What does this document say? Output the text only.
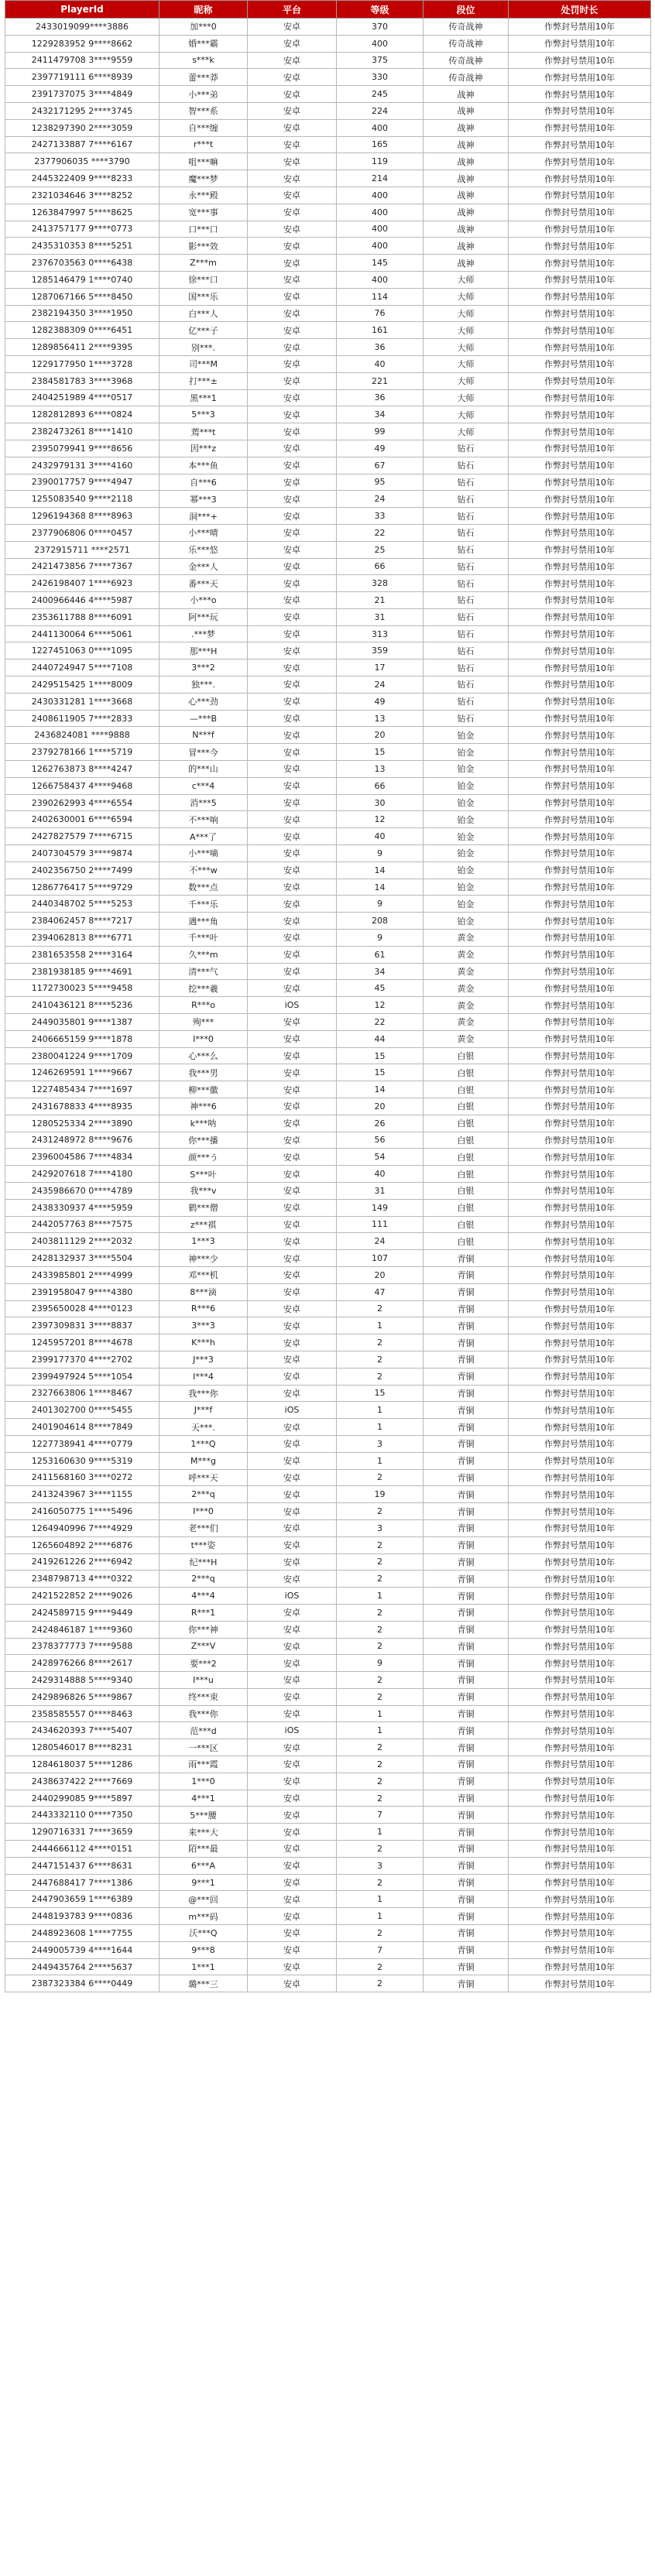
PlayerId	昵称	平台	等级	段位	处罚时长
2433019099****3886	加***0	安卓	370	传奇战神	作弊封号禁用10年
1229283952 9****8662	婚***霸	安卓	400	传奇战神	作弊封号禁用10年
2411479708 3****9559	s***k	安卓	375	传奇战神	作弊封号禁用10年
2397719111 6****8939	蕾***莽	安卓	330	传奇战神	作弊封号禁用10年
2391737075 3****4849	小***弟	安卓	245	战神	作弊封号禁用10年
2432171295 2****3745	智***系	安卓	224	战神	作弊封号禁用10年
1238297390 2****3059	自***缠	安卓	400	战神	作弊封号禁用10年
2427133887 7****6167	r***t	安卓	165	战神	作弊封号禁用10年
2377906035 ****3790	咀***嘛	安卓	119	战神	作弊封号禁用10年
2445322409 9****8233	魔***梦	安卓	214	战神	作弊封号禁用10年
2321034646 3****8252	永***殿	安卓	400	战神	作弊封号禁用10年
1263847997 5****8625	宽***事	安卓	400	战神	作弊封号禁用10年
2413757177 9****0773	口***口	安卓	400	战神	作弊封号禁用10年
2435310353 8****5251	影***效	安卓	400	战神	作弊封号禁用10年
2376703563 0****6438	Z***m	安卓	145	战神	作弊封号禁用10年
1285146479 1****0740	徐***口	安卓	400	大师	作弊封号禁用10年
1287067166 5****8450	国***乐	安卓	114	大师	作弊封号禁用10年
2382194350 3****1950	白***人	安卓	76	大师	作弊封号禁用10年
1282388309 0****6451	亿***子	安卓	161	大师	作弊封号禁用10年
1289856411 2****9395	别***.	安卓	36	大师	作弊封号禁用10年
1229177950 1****3728	司***M	安卓	40	大师	作弊封号禁用10年
2384581783 3****3968	打***±	安卓	221	大师	作弊封号禁用10年
2404251989 4****0517	黑***1	安卓	36	大师	作弊封号禁用10年
1282812893 6****0824	5***3	安卓	34	大师	作弊封号禁用10年
2382473261 8****1410	蔫***t	安卓	99	大师	作弊封号禁用10年
2395079941 9****8656	因***z	安卓	49	钻石	作弊封号禁用10年
2432979131 3****4160	本***鱼	安卓	67	钻石	作弊封号禁用10年
2390017757 9****4947	自***6	安卓	95	钻石	作弊封号禁用10年
1255083540 9****2118	幂***3	安卓	24	钻石	作弊封号禁用10年
1296194368 8****8963	洞***+	安卓	33	钻石	作弊封号禁用10年
2377906806 0****0457	小***晴	安卓	22	钻石	作弊封号禁用10年
2372915711 ****2571	乐***悠	安卓	25	钻石	作弊封号禁用10年
2421473856 7****7367	金***人	安卓	66	钻石	作弊封号禁用10年
2426198407 1****6923	番***天	安卓	328	钻石	作弊封号禁用10年
2400966446 4****5987	小***o	安卓	21	钻石	作弊封号禁用10年
2353611788 8****6091	阿***玩	安卓	31	钻石	作弊封号禁用10年
2441130064 6****5061	.***梦	安卓	313	钻石	作弊封号禁用10年
1227451063 0****1095	那***H	安卓	359	钻石	作弊封号禁用10年
2440724947 5****7108	3***2	安卓	17	钻石	作弊封号禁用10年
2429515425 1****8009	独***.	安卓	24	钻石	作弊封号禁用10年
2430331281 1****3668	心***劲	安卓	49	钻石	作弊封号禁用10年
2408611905 7****2833	—***B	安卓	13	钻石	作弊封号禁用10年
2436824081 ****9888	N***f	安卓	20	铂金	作弊封号禁用10年
2379278166 1****5719	冒***今	安卓	15	铂金	作弊封号禁用10年
1262763873 8****4247	的***山	安卓	13	铂金	作弊封号禁用10年
1266758437 4****9468	c***4	安卓	66	铂金	作弊封号禁用10年
2390262993 4****6554	消***5	安卓	30	铂金	作弊封号禁用10年
2402630001 6****6594	不***响	安卓	12	铂金	作弊封号禁用10年
2427827579 7****6715	A***了	安卓	40	铂金	作弊封号禁用10年
2407304579 3****9874	小***嘀	安卓	9	铂金	作弊封号禁用10年
2402356750 2****7499	不***w	安卓	14	铂金	作弊封号禁用10年
1286776417 5****9729	数***点	安卓	14	铂金	作弊封号禁用10年
2440348702 5****5253	千***乐	安卓	9	铂金	作弊封号禁用10年
2384062457 8****7217	遇***角	安卓	208	铂金	作弊封号禁用10年
2394062813 8****6771	千***叶	安卓	9	黄金	作弊封号禁用10年
2381653558 2****3164	久***m	安卓	61	黄金	作弊封号禁用10年
2381938185 9****4691	清***气	安卓	34	黄金	作弊封号禁用10年
1172730023 5****9458	挖***羲	安卓	45	黄金	作弊封号禁用10年
2410436121 8****5236	R***o	iOS	12	黄金	作弊封号禁用10年
2449035801 9****1387	殉***	安卓	22	黄金	作弊封号禁用10年
2406665159 9****1878	I***0	安卓	44	黄金	作弊封号禁用10年
2380041224 9****1709	心***么	安卓	15	白银	作弊封号禁用10年
1246269591 1****9667	我***男	安卓	15	白银	作弊封号禁用10年
1227485434 7****1697	柳***徽	安卓	14	白银	作弊封号禁用10年
2431678833 4****8935	神***6	安卓	20	白银	作弊封号禁用10年
1280525334 2****3890	k***呐	安卓	26	白银	作弊封号禁用10年
2431248972 8****9676	你***播	安卓	56	白银	作弊封号禁用10年
2396004586 7****4834	颜***う	安卓	54	白银	作弊封号禁用10年
2429207618 7****4180	S***叶	安卓	40	白银	作弊封号禁用10年
2435986670 0****4789	我***v	安卓	31	白银	作弊封号禁用10年
2438330937 4****5959	鹤***僧	安卓	149	白银	作弊封号禁用10年
2442057763 8****7575	z***祺	安卓	111	白银	作弊封号禁用10年
2403811129 2****2032	1***3	安卓	24	白银	作弊封号禁用10年
2428132937 3****5504	神***少	安卓	107	青铜	作弊封号禁用10年
2433985801 2****4999	邓***机	安卓	20	青铜	作弊封号禁用10年
2391958047 9****4380	8***滴	安卓	47	青铜	作弊封号禁用10年
2395650028 4****0123	R***6	安卓	2	青铜	作弊封号禁用10年
2397309831 3****8837	3***3	安卓	1	青铜	作弊封号禁用10年
1245957201 8****4678	K***h	安卓	2	青铜	作弊封号禁用10年
2399177370 4****2702	J***3	安卓	2	青铜	作弊封号禁用10年
2399497924 5****1054	I***4	安卓	2	青铜	作弊封号禁用10年
2327663806 1****8467	我***你	安卓	15	青铜	作弊封号禁用10年
2401302700 0****5455	J***f	iOS	1	青铜	作弊封号禁用10年
2401904614 8****7849	天***.	安卓	1	青铜	作弊封号禁用10年
1227738941 4****0779	1***Q	安卓	3	青铜	作弊封号禁用10年
1253160630 9****5319	M***g	安卓	1	青铜	作弊封号禁用10年
2411568160 3****0272	呼***天	安卓	2	青铜	作弊封号禁用10年
2413243967 3****1155	2***q	安卓	19	青铜	作弊封号禁用10年
2416050775 1****5496	I***0	安卓	2	青铜	作弊封号禁用10年
1264940996 7****4929	老***们	安卓	3	青铜	作弊封号禁用10年
1265604892 2****6876	t***姿	安卓	2	青铜	作弊封号禁用10年
2419261226 2****6942	纪***H	安卓	2	青铜	作弊封号禁用10年
2348798713 4****0322	2***q	安卓	2	青铜	作弊封号禁用10年
2421522852 2****9026	4***4	iOS	1	青铜	作弊封号禁用10年
2424589715 9****9449	R***1	安卓	2	青铜	作弊封号禁用10年
2424846187 1****9360	你***神	安卓	2	青铜	作弊封号禁用10年
2378377773 7****9588	Z***V	安卓	2	青铜	作弊封号禁用10年
2428976266 8****2617	要***2	安卓	9	青铜	作弊封号禁用10年
2429314888 5****9340	I***u	安卓	2	青铜	作弊封号禁用10年
2429896826 5****9867	终***束	安卓	2	青铜	作弊封号禁用10年
2358585557 0****8463	我***你	安卓	1	青铜	作弊封号禁用10年
2434620393 7****5407	范***d	iOS	1	青铜	作弊封号禁用10年
1280546017 8****8231	一***区	安卓	2	青铜	作弊封号禁用10年
1284618037 5****1286	雨***霞	安卓	2	青铜	作弊封号禁用10年
2438637422 2****7669	1***0	安卓	2	青铜	作弊封号禁用10年
2440299085 9****5897	4***1	安卓	2	青铜	作弊封号禁用10年
2443332110 0****7350	5***腰	安卓	7	青铜	作弊封号禁用10年
1290716331 7****3659	来***大	安卓	1	青铜	作弊封号禁用10年
2444666112 4****0151	陌***最	安卓	2	青铜	作弊封号禁用10年
2447151437 6****8631	6***A	安卓	3	青铜	作弊封号禁用10年
2447688417 7****1386	9***1	安卓	2	青铜	作弊封号禁用10年
2447903659 1****6389	@***回	安卓	1	青铜	作弊封号禁用10年
2448193783 9****0836	m***码	安卓	1	青铜	作弊封号禁用10年
2448923608 1****7755	沃***Q	安卓	2	青铜	作弊封号禁用10年
2449005739 4****1644	9***8	安卓	7	青铜	作弊封号禁用10年
2449435764 2****5637	1***1	安卓	2	青铜	作弊封号禁用10年
2387323384 6****0449	璐***三	安卓	2	青铜	作弊封号禁用10年
